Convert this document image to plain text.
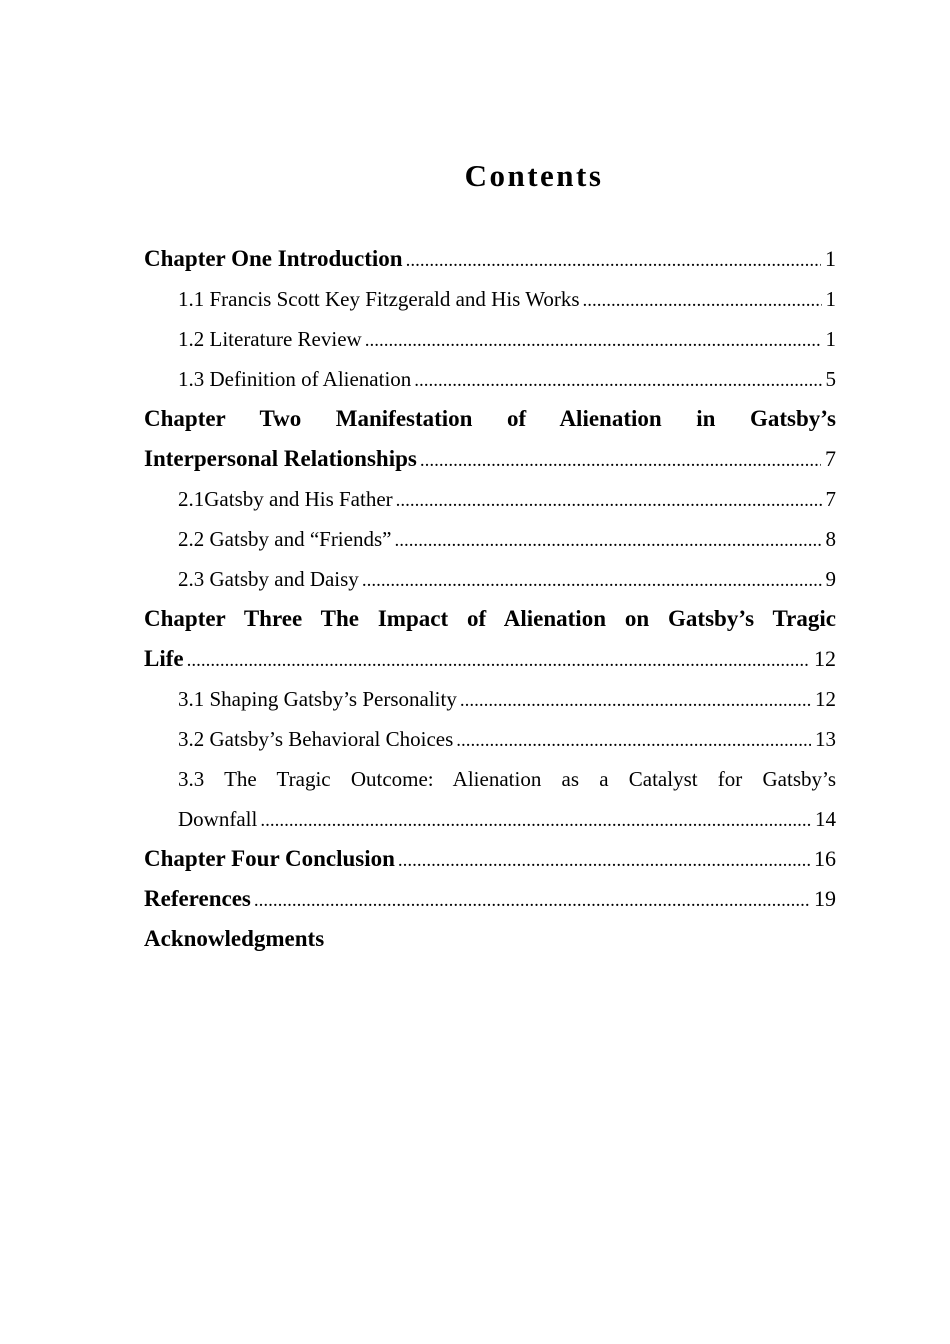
Contents
Chapter One Introduction .....	1
1.1 Francis Scott Key Fitzgerald and His Works .....	1
1.2 Literature Review .....	1
1.3 Definition of Alienation .....	5
Chapter Two Manifestation of Alienation in Gatsby’s
Interpersonal Relationships .....	7
2.1Gatsby and His Father .....	7
2.2 Gatsby and “Friends” .....	8
2.3 Gatsby and Daisy .....	9
Chapter Three The Impact of Alienation on Gatsby’s Tragic
Life .....	12
3.1 Shaping Gatsby’s Personality .....	12
3.2 Gatsby’s Behavioral Choices .....	13
3.3 The Tragic Outcome: Alienation as a Catalyst for Gatsby’s
Downfall .....	14
Chapter Four Conclusion .....	16
References .....	19
Acknowledgments
